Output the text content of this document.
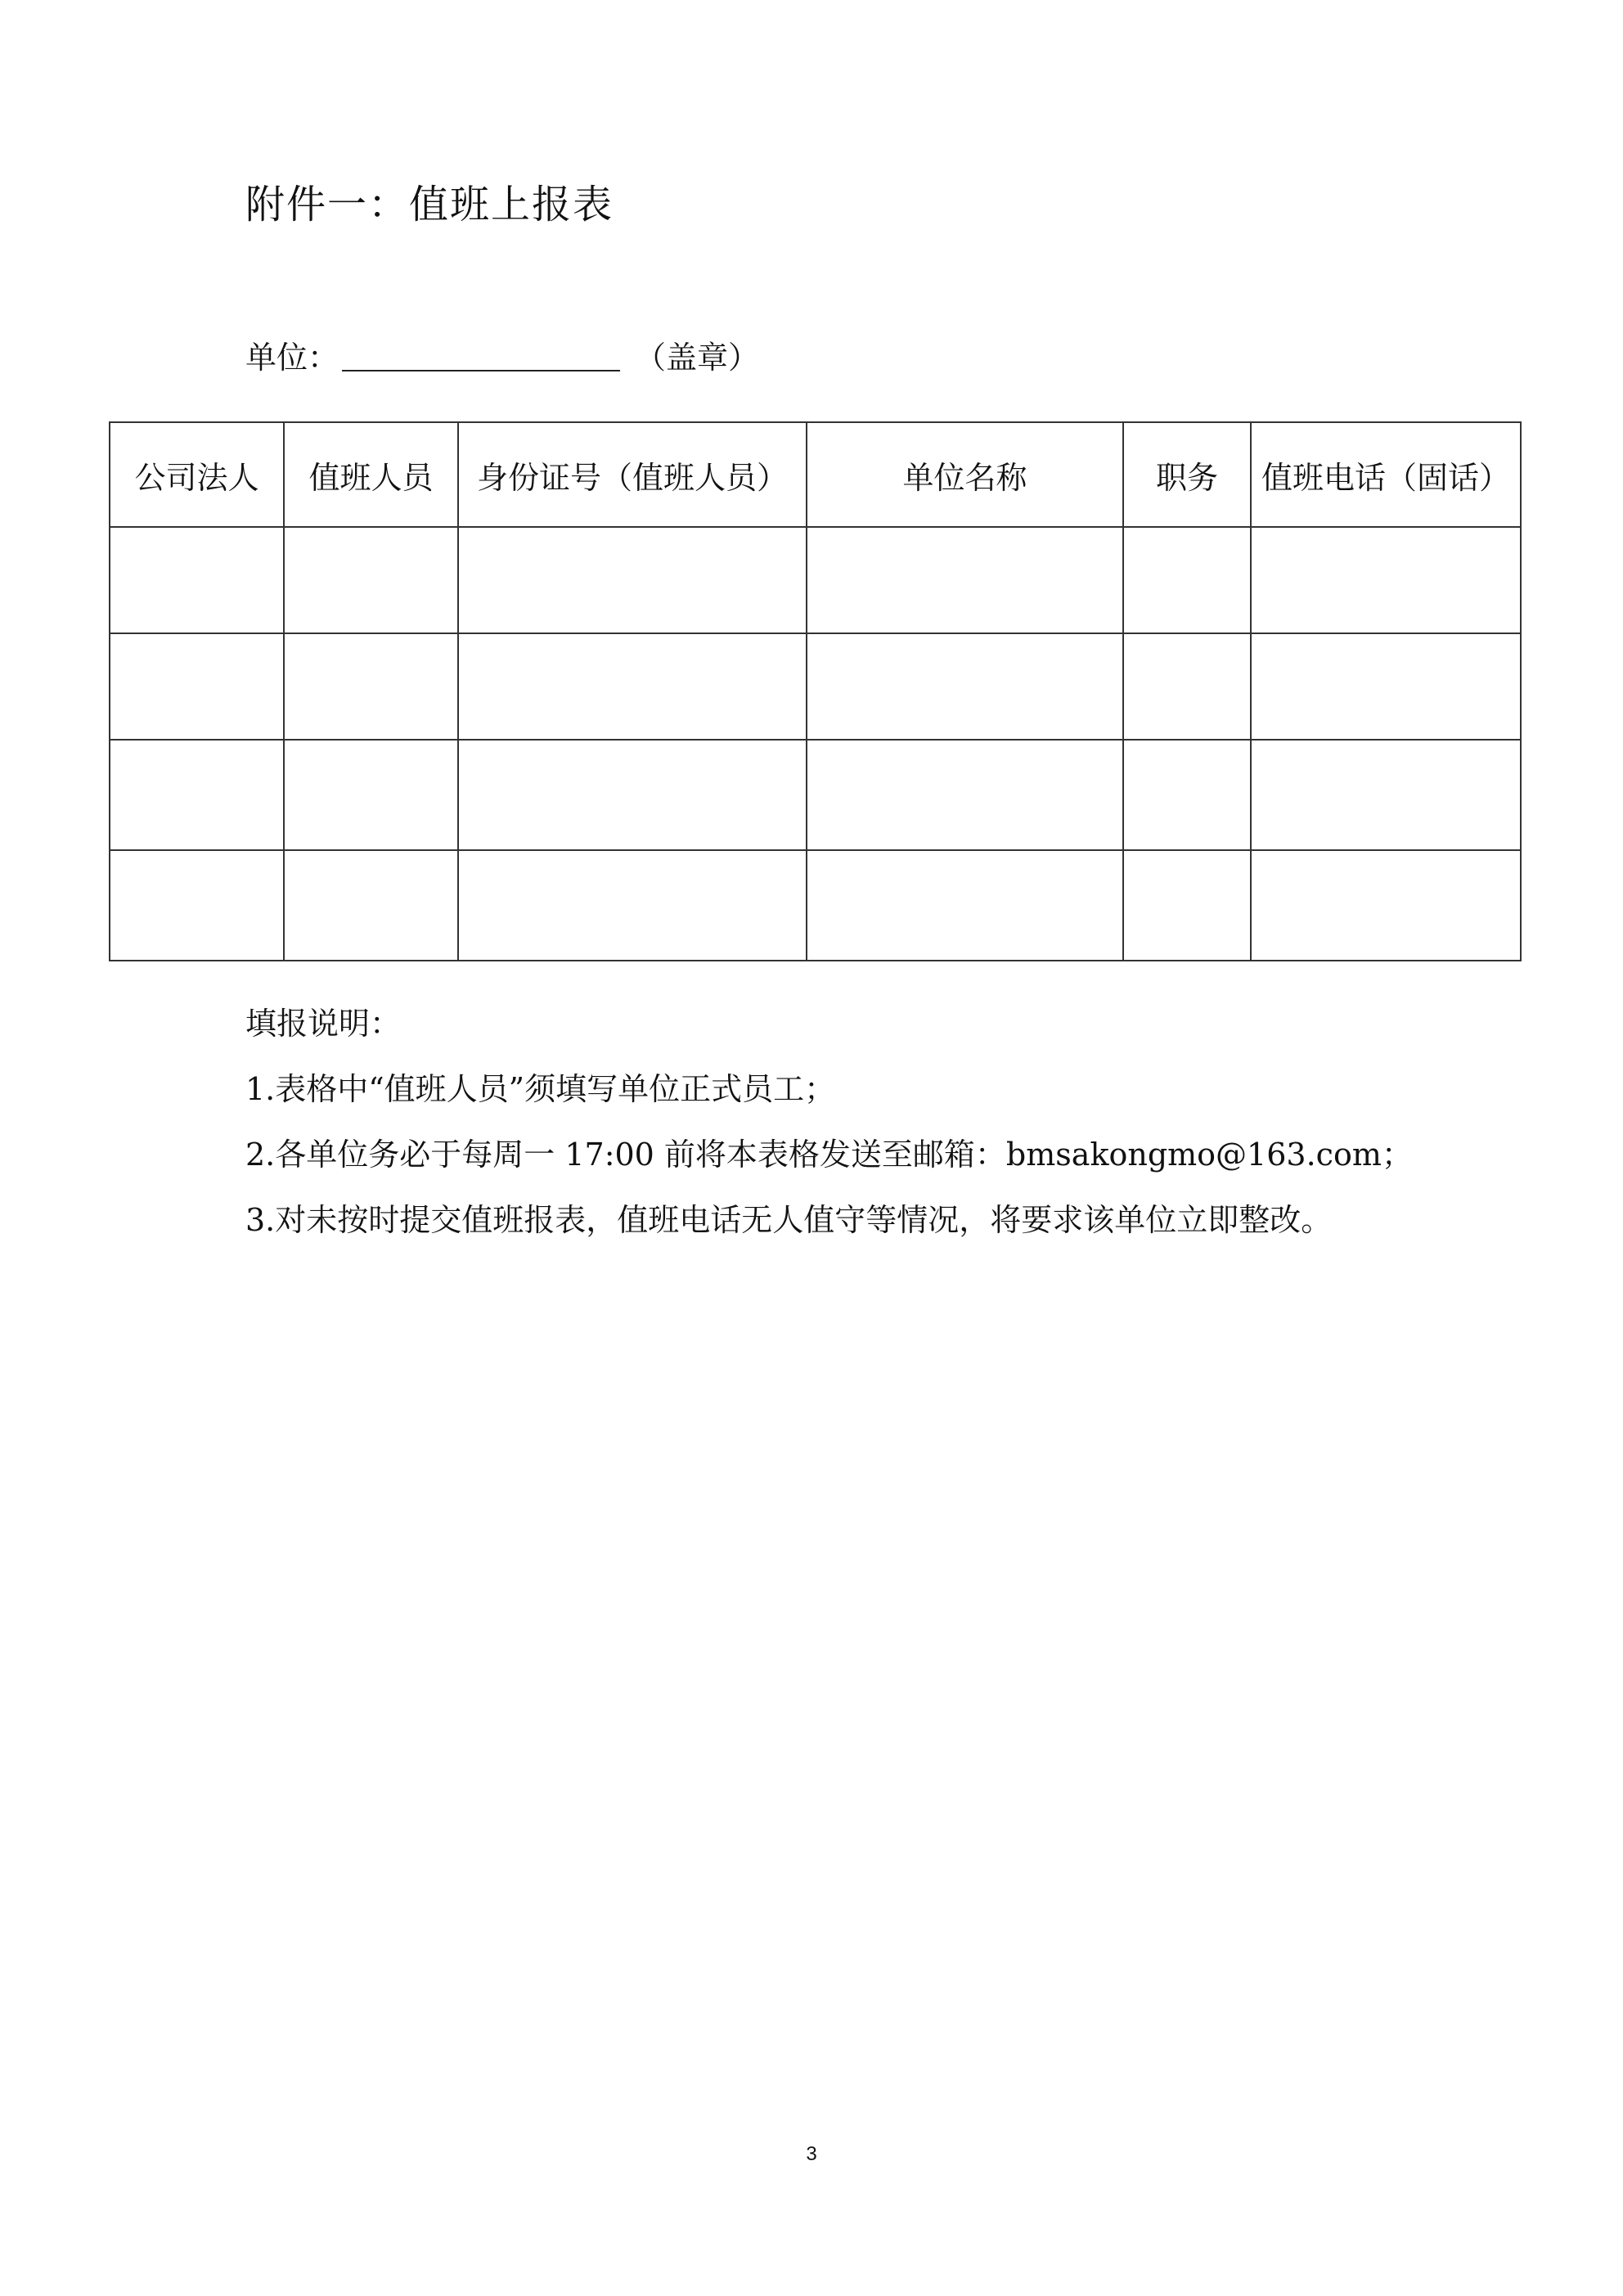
附件一：值班上报表
单位：	（盖章）
公司法人	值班人员	身份证号（值班人员）	单位名称	职务	值班电话（固话）

填报说明：
1.表格中“值班人员”须填写单位正式员工；
2.各单位务必于每周一 17:00 前将本表格发送至邮箱：bmsakongmo@163.com；
3.对未按时提交值班报表，值班电话无人值守等情况，将要求该单位立即整改。
3
